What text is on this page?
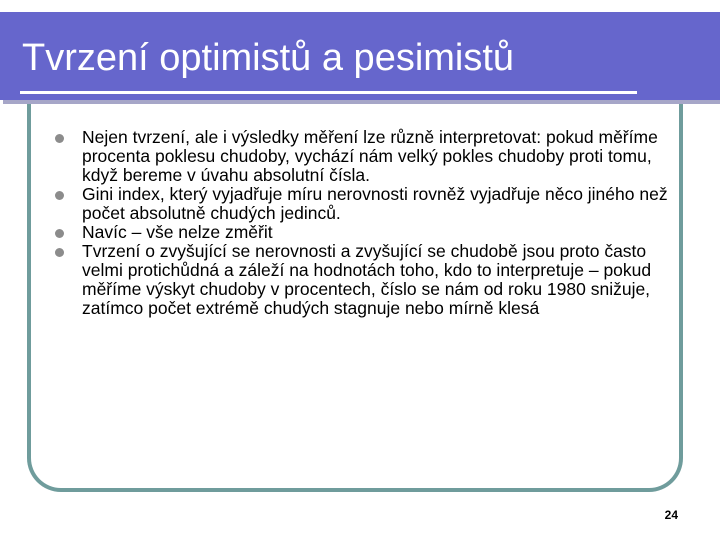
Tvrzení optimistů a pesimistů
Nejen tvrzení, ale i výsledky měření lze různě interpretovat: pokud měříme procenta poklesu chudoby, vychází nám velký pokles chudoby proti tomu, když bereme v úvahu absolutní čísla.
Gini index, který vyjadřuje míru nerovnosti rovněž vyjadřuje něco jiného než počet absolutně chudých jedinců.
Navíc – vše nelze změřit
Tvrzení o zvyšující se nerovnosti a zvyšující se chudobě jsou proto často velmi protichůdná a záleží na hodnotách toho, kdo to interpretuje – pokud měříme výskyt chudoby v procentech, číslo se nám od roku 1980 snižuje, zatímco počet extrémě chudých stagnuje nebo mírně klesá
24
